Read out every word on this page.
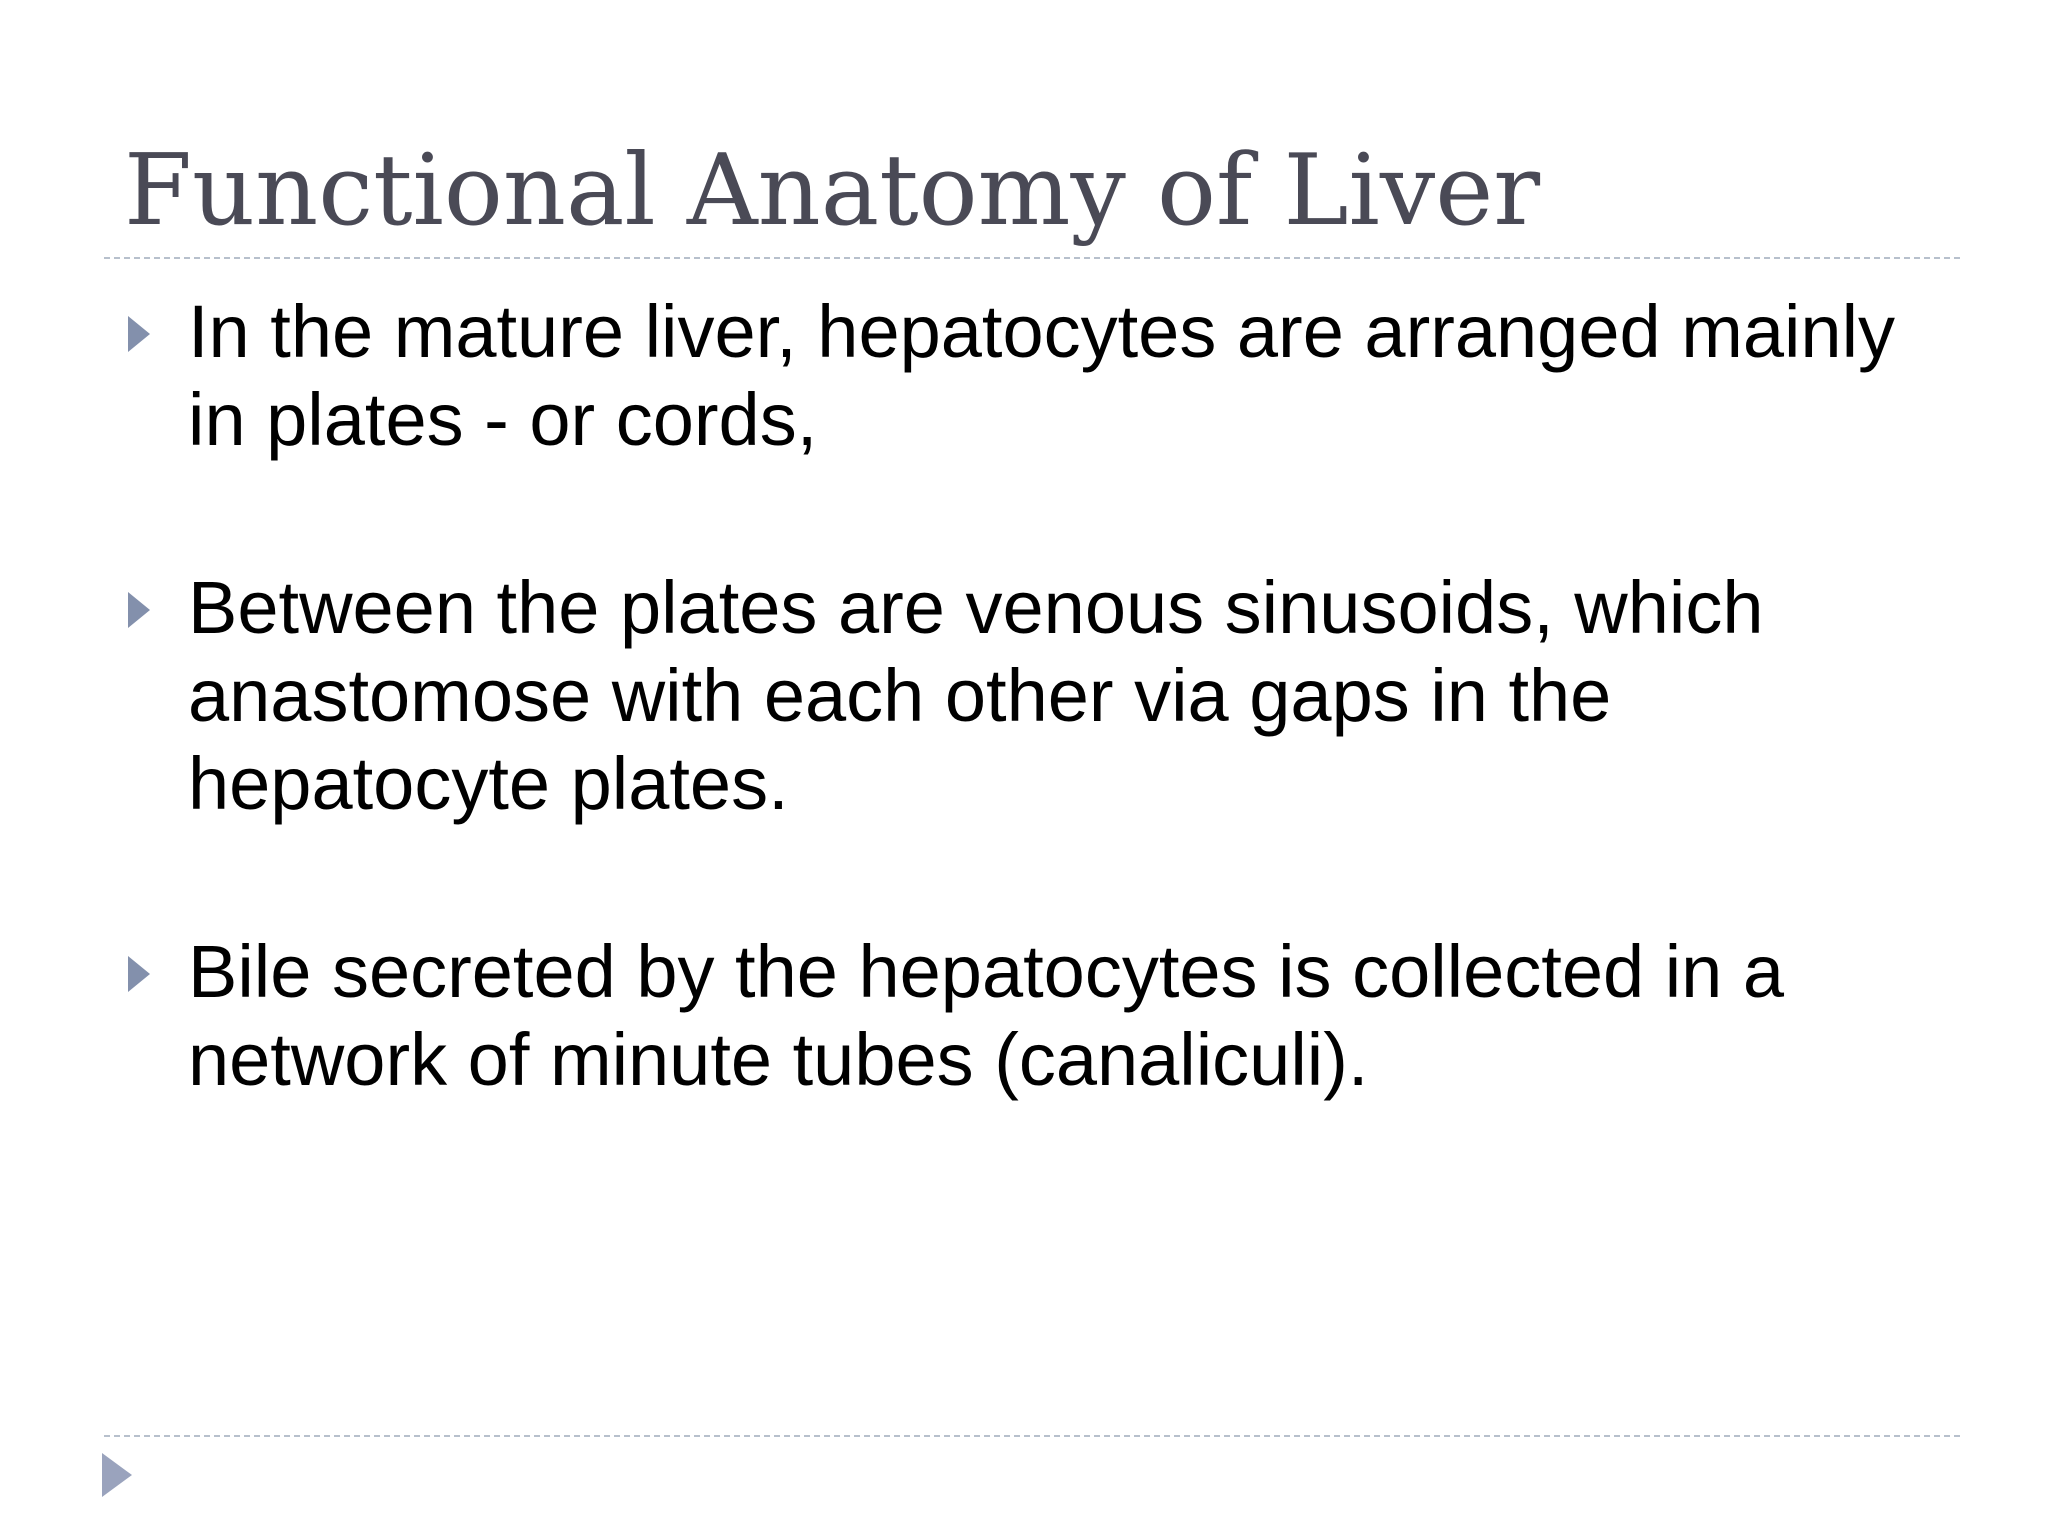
Functional Anatomy of Liver
In the mature liver, hepatocytes are arranged mainly in plates - or cords,
Between the plates are venous sinusoids, which anastomose with each other via gaps in the hepatocyte plates.
Bile secreted by the hepatocytes is collected in a network of minute tubes (canaliculi).
